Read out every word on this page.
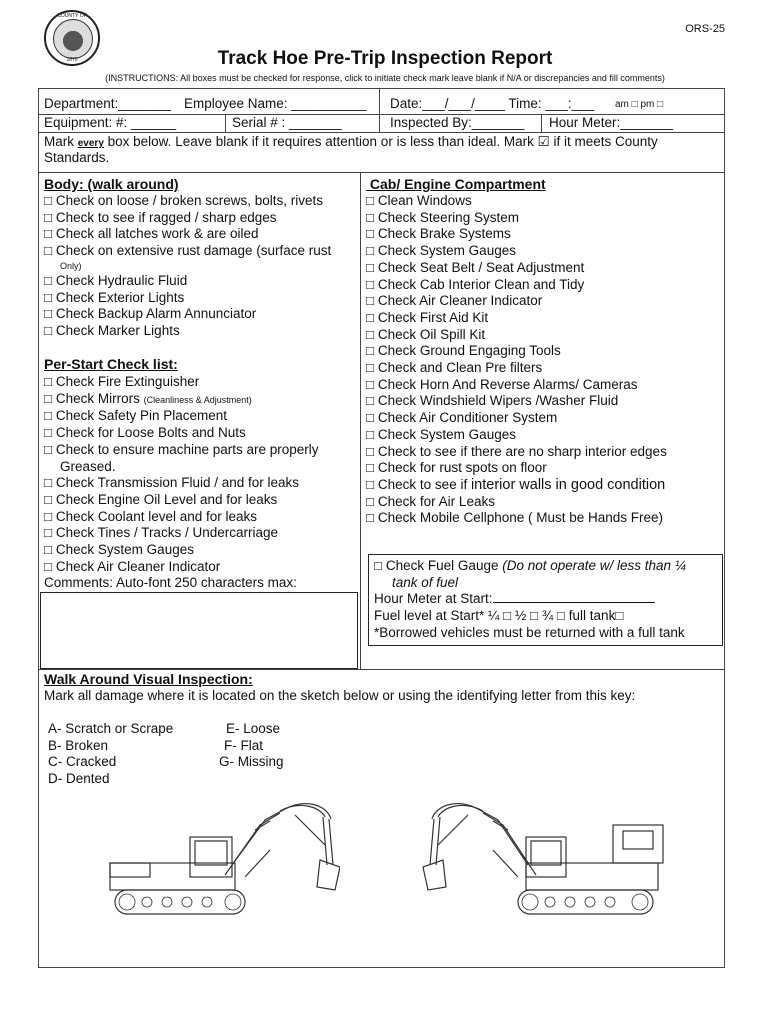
COUNTY OF
1870
ORS-25
Track Hoe Pre-Trip Inspection Report
(INSTRUCTIONS: All boxes must be checked for response, click to initiate check mark leave blank if N/A or discrepancies and fill comments)
Department:_______ Employee Name: __________ Date:___/___/____ Time: ___:___ am □ pm □
Equipment: #: ______	Serial # : _______	Inspected By:_______ Hour Meter:_______
Mark every box below. Leave blank if it requires attention or is less than ideal. Mark ☑ if it meets County
Standards.
Body: (walk around)
□ Check on loose / broken screws, bolts, rivets
□ Check to see if ragged / sharp edges
□ Check all latches work & are oiled
□ Check on extensive rust damage (surface rust
Only)
□ Check Hydraulic Fluid
□ Check Exterior Lights
□ Check Backup Alarm Annunciator
□ Check Marker Lights
Per-Start Check list:
□ Check Fire Extinguisher
□ Check Mirrors (Cleanliness & Adjustment)
□ Check Safety Pin Placement
□ Check for Loose Bolts and Nuts
□ Check to ensure machine parts are properly
Greased.
□ Check Transmission Fluid / and for leaks
□ Check Engine Oil Level and for leaks
□ Check Coolant level and for leaks
□ Check Tines / Tracks / Undercarriage
□ Check System Gauges
□ Check Air Cleaner Indicator
Comments: Auto-font 250 characters max:
Cab/ Engine Compartment
□ Clean Windows
□ Check Steering System
□ Check Brake Systems
□ Check System Gauges
□ Check Seat Belt / Seat Adjustment
□ Check Cab Interior Clean and Tidy
□ Check Air Cleaner Indicator
□ Check First Aid Kit
□ Check Oil Spill Kit
□ Check Ground Engaging Tools
□ Check and Clean Pre filters
□ Check Horn And Reverse Alarms/ Cameras
□ Check Windshield Wipers /Washer Fluid
□ Check Air Conditioner System
□ Check System Gauges
□ Check to see if there are no sharp interior edges
□ Check for rust spots on floor
□ Check to see if interior walls in good condition
□ Check for Air Leaks
□ Check Mobile Cellphone ( Must be Hands Free)
□ Check Fuel Gauge (Do not operate w/ less than ¼
tank of fuel
Hour Meter at Start:
Fuel level at Start* ¼ □ ½ □ ¾ □ full tank□
*Borrowed vehicles must be returned with a full tank
Walk Around Visual Inspection:
Mark all damage where it is located on the sketch below or using the identifying letter from this key:
A- Scratch or Scrape
B- Broken
C- Cracked
D- Dented
E- Loose
F- Flat
G- Missing
